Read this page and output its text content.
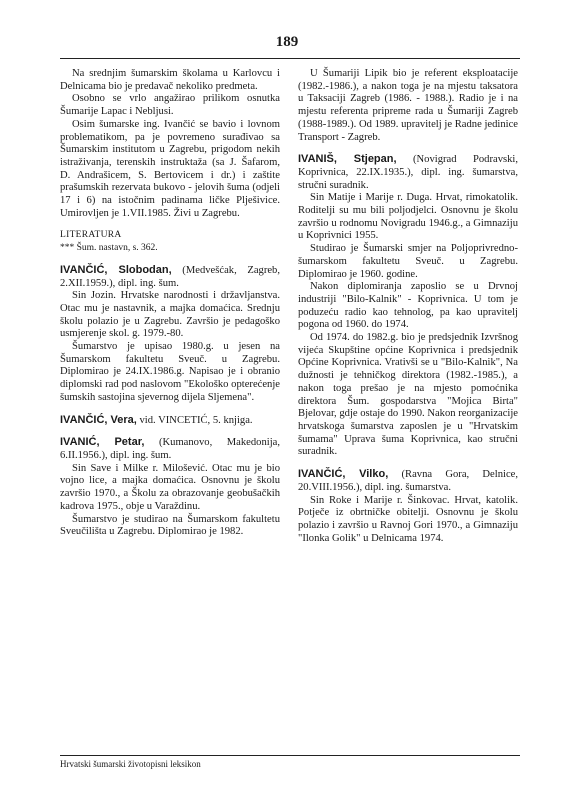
189

Na srednjim šumarskim školama u Karlovcu i Delnicama bio je predavač nekoliko predmeta.

Osobno se vrlo angažirao prilikom osnutka Šumarije Lapac i Nebljusi.

Osim šumarske ing. Ivančić se bavio i lovnom problematikom, pa je povremeno surađivao sa Šumarskim institutom u Zagrebu, prigodom nekih istraživanja, terenskih instruktaža (sa J. Šafarom, D. Andrašicem, S. Bertovicem i dr.) i zaštite prašumskih rezervata bukovo - jelovih šuma (odjeli 17 i 6) na istočnim padinama ličke Plješivice. Umirovljen je 1.VII.1985. Živi u Zagrebu.

LITERATURA

*** Šum. nastavn, s. 362.

IVANČIĆ, Slobodan, (Medvešćak, Zagreb, 2.XII.1959.), dipl. ing. šum.

Sin Jozin. Hrvatske narodnosti i državljanstva. Otac mu je nastavnik, a majka domaćica. Srednju školu polazio je u Zagrebu. Završio je pedagoško usmjerenje skol. g. 1979.-80.

Šumarstvo je upisao 1980.g. u jesen na Šumarskom fakultetu Sveuč. u Zagrebu. Diplomirao je 24.IX.1986.g. Napisao je i obranio diplomski rad pod naslovom "Ekološko opterećenje šumskih sastojina sjevernog dijela Sljemena".

IVANČIĆ, Vera, vid. VINCETIĆ, 5. knjiga.

IVANIĆ, Petar, (Kumanovo, Makedonija, 6.II.1956.), dipl. ing. šum.

Sin Save i Milke r. Milošević. Otac mu je bio vojno lice, a majka domaćica. Osnovnu je školu završio 1970., a Školu za obrazovanje geobušačkih kadrova 1975., obje u Varaždinu.

Šumarstvo je studirao na Šumarskom fakultetu Sveučilišta u Zagrebu. Diplomirao je 1982.

U Šumariji Lipik bio je referent eksploatacije (1982.-1986.), a nakon toga je na mjestu taksatora u Taksaciji Zagreb (1986. - 1988.). Radio je i na mjestu referenta pripreme rada u Šumariji Zagreb (1988-1989.). Od 1989. upravitelj je Radne jedinice Transport - Zagreb.

IVANIŠ, Stjepan, (Novigrad Podravski, Koprivnica, 22.IX.1935.), dipl. ing. šumarstva, stručni suradnik.

Sin Matije i Marije r. Duga. Hrvat, rimokatolik. Roditelji su mu bili poljodjelci. Osnovnu je školu završio u rodnomu Novigradu 1946.g., a Gimnaziju u Koprivnici 1955.

Studirao je Šumarski smjer na Poljoprivredno-šumarskom fakultetu Sveuč. u Zagrebu. Diplomirao je 1960. godine.

Nakon diplomiranja zaposlio se u Drvnoj industriji "Bilo-Kalnik" - Koprivnica. U tom je poduzeću radio kao tehnolog, pa kao upravitelj pogona od 1960. do 1974.

Od 1974. do 1982.g. bio je predsjednik Izvršnog vijeća Skupštine općine Koprivnica i predsjednik Općine Koprivnica. Vrativši se u "Bilo-Kalnik", Na dužnosti je tehničkog direktora (1982.-1985.), a nakon toga prešao je na mjesto pomoćnika direktora Šum. gospodarstva "Mojica Birta" Bjelovar, gdje ostaje do 1990. Nakon reorganizacije hrvatskoga šumarstva zaposlen je u "Hrvatskim šumama" Uprava šuma Koprivnica, kao stručni suradnik.

IVANČIĆ, Vilko, (Ravna Gora, Delnice, 20.VIII.1956.), dipl. ing. šumarstva.

Sin Roke i Marije r. Šinkovac. Hrvat, katolik. Potječe iz obrtničke obitelji. Osnovnu je školu polazio i završio u Ravnoj Gori 1970., a Gimnaziju "Ilonka Golik" u Delnicama 1974.

Hrvatski šumarski životopisni leksikon
